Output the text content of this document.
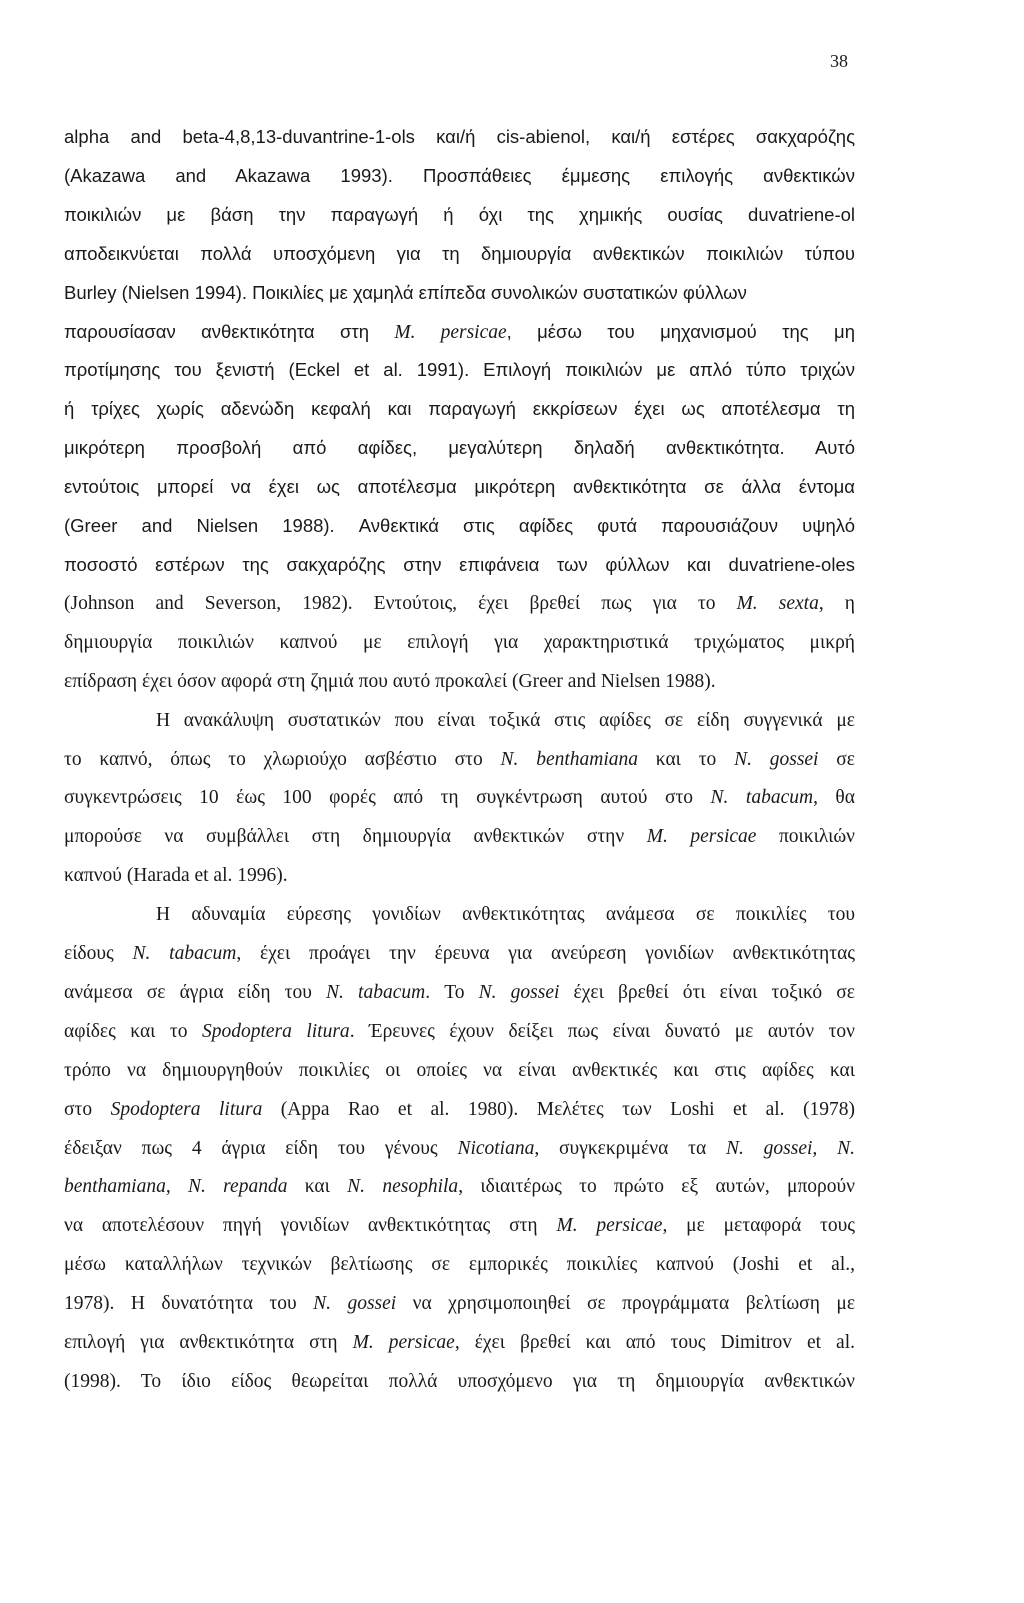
38
alpha and beta-4,8,13-duvantrine-1-ols και/ή cis-abienol, και/ή εστέρες σακχαρόζης
(Akazawa and Akazawa 1993). Προσπάθειες έμμεσης επιλογής ανθεκτικών
ποικιλιών με βάση την παραγωγή ή όχι της χημικής ουσίας duvatriene-ol
αποδεικνύεται πολλά υποσχόμενη για τη δημιουργία ανθεκτικών ποικιλιών τύπου
Burley (Nielsen 1994). Ποικιλίες με χαμηλά επίπεδα συνολικών συστατικών φύλλων
παρουσίασαν ανθεκτικότητα στη M. persicae, μέσω του μηχανισμού της μη
προτίμησης του ξενιστή (Eckel et al. 1991). Επιλογή ποικιλιών με απλό τύπο τριχών
ή τρίχες χωρίς αδενώδη κεφαλή και παραγωγή εκκρίσεων έχει ως αποτέλεσμα τη
μικρότερη προσβολή από αφίδες, μεγαλύτερη δηλαδή ανθεκτικότητα. Αυτό
εντούτοις μπορεί να έχει ως αποτέλεσμα μικρότερη ανθεκτικότητα σε άλλα έντομα
(Greer and Nielsen 1988). Ανθεκτικά στις αφίδες φυτά παρουσιάζουν υψηλό
ποσοστό εστέρων της σακχαρόζης στην επιφάνεια των φύλλων και duvatriene-oles
(Johnson and Severson, 1982). Εντούτοις, έχει βρεθεί πως για το M. sexta, η
δημιουργία ποικιλιών καπνού με επιλογή για χαρακτηριστικά τριχώματος μικρή
επίδραση έχει όσον αφορά στη ζημιά που αυτό προκαλεί (Greer and Nielsen 1988).
Η ανακάλυψη συστατικών που είναι τοξικά στις αφίδες σε είδη συγγενικά με
το καπνό, όπως το χλωριούχο ασβέστιο στο N. benthamiana και το N. gossei σε
συγκεντρώσεις 10 έως 100 φορές από τη συγκέντρωση αυτού στο N. tabacum, θα
μπορούσε να συμβάλλει στη δημιουργία ανθεκτικών στην M. persicae ποικιλιών
καπνού (Harada et al. 1996).
Η αδυναμία εύρεσης γονιδίων ανθεκτικότητας ανάμεσα σε ποικιλίες του
είδους N. tabacum, έχει προάγει την έρευνα για ανεύρεση γονιδίων ανθεκτικότητας
ανάμεσα σε άγρια είδη του N. tabacum. Το N. gossei έχει βρεθεί ότι είναι τοξικό σε
αφίδες και το Spodoptera litura. Έρευνες έχουν δείξει πως είναι δυνατό με αυτόν τον
τρόπο να δημιουργηθούν ποικιλίες οι οποίες να είναι ανθεκτικές και στις αφίδες και
στο Spodoptera litura (Appa Rao et al. 1980). Μελέτες των Loshi et al. (1978)
έδειξαν πως 4 άγρια είδη του γένους Nicotiana, συγκεκριμένα τα N. gossei, N.
benthamiana, N. repanda και N. nesophila, ιδιαιτέρως το πρώτο εξ αυτών, μπορούν
να αποτελέσουν πηγή γονιδίων ανθεκτικότητας στη M. persicae, με μεταφορά τους
μέσω καταλλήλων τεχνικών βελτίωσης σε εμπορικές ποικιλίες καπνού (Joshi et al.,
1978). Η δυνατότητα του N. gossei να χρησιμοποιηθεί σε προγράμματα βελτίωση με
επιλογή για ανθεκτικότητα στη M. persicae, έχει βρεθεί και από τους Dimitrov et al.
(1998). Το ίδιο είδος θεωρείται πολλά υποσχόμενο για τη δημιουργία ανθεκτικών
